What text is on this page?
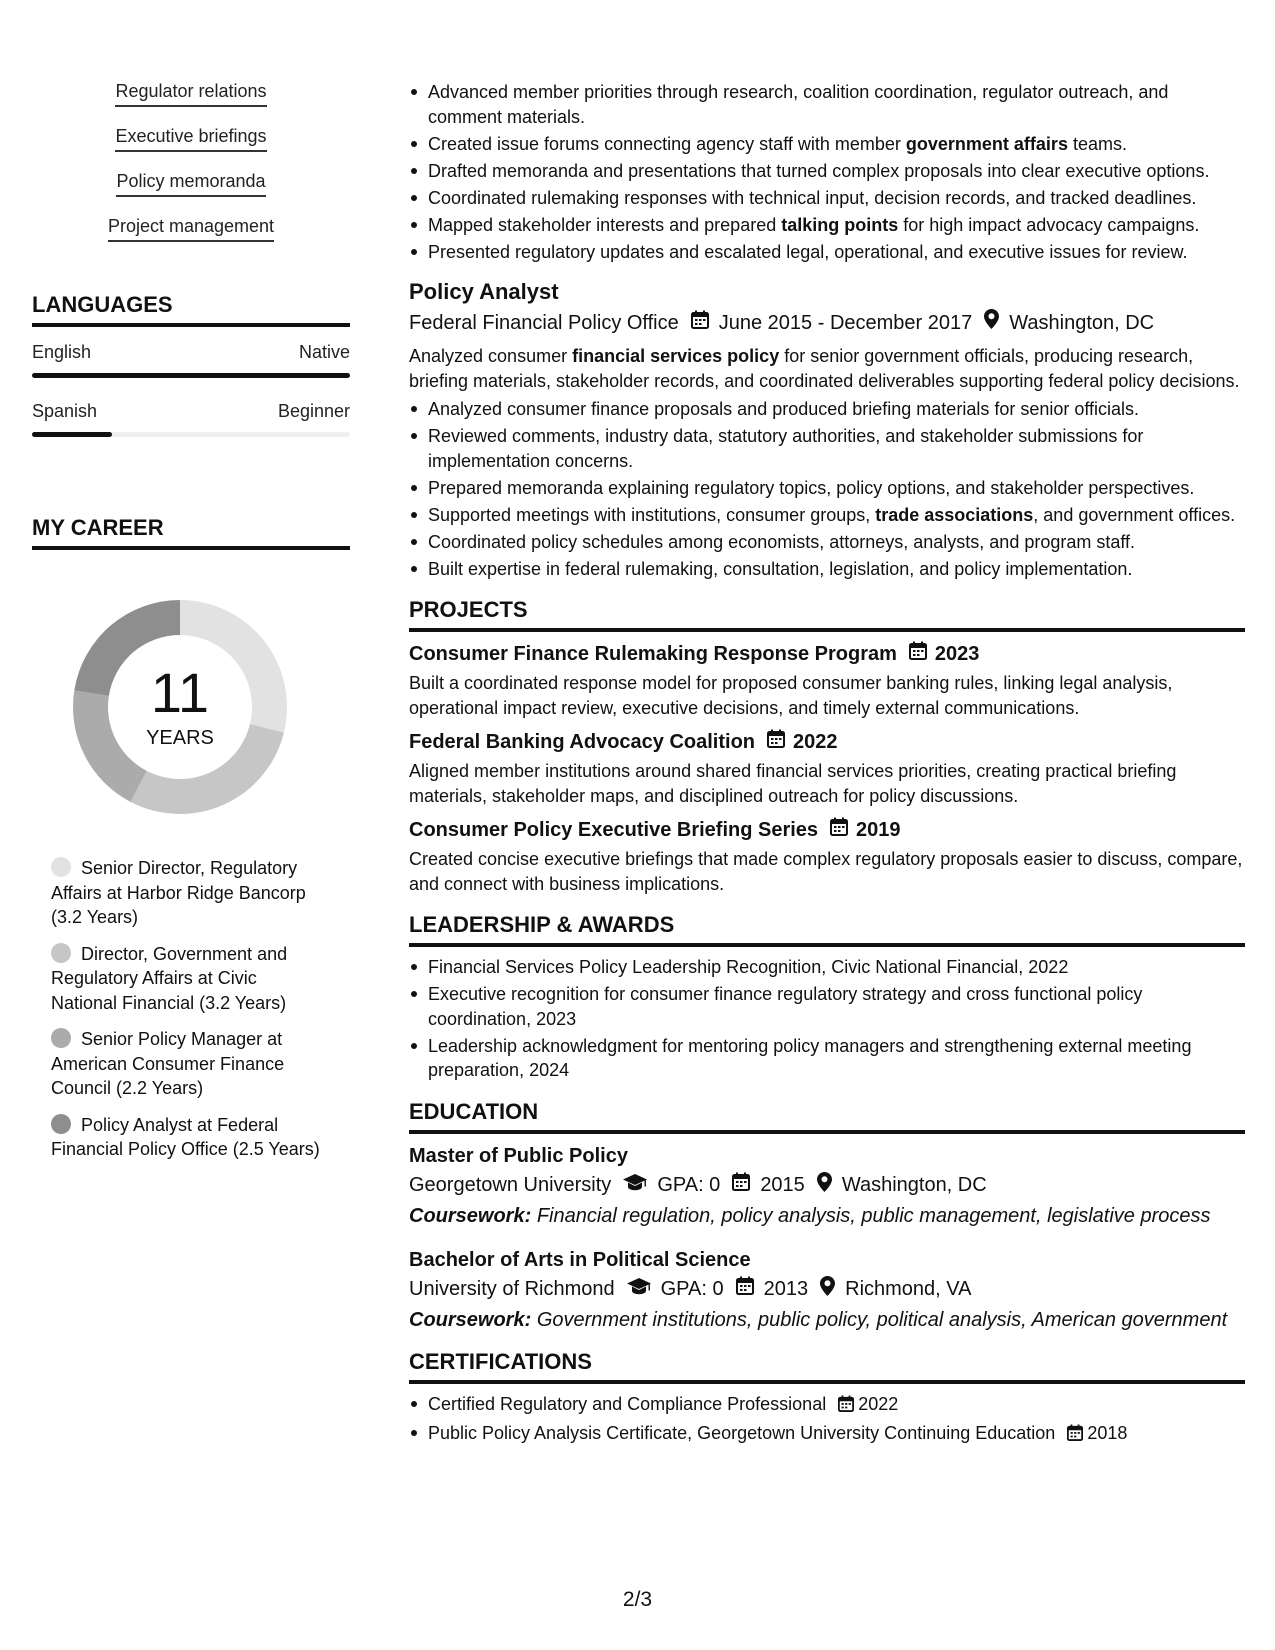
Regulator relations
Executive briefings
Policy memoranda
Project management
LANGUAGES
English	Native
Spanish	Beginner
MY CAREER
11
YEARS
Senior Director, Regulatory Affairs at Harbor Ridge Bancorp (3.2 Years)
Director, Government and Regulatory Affairs at Civic National Financial (3.2 Years)
Senior Policy Manager at American Consumer Finance Council (2.2 Years)
Policy Analyst at Federal Financial Policy Office (2.5 Years)
Advanced member priorities through research, coalition coordination, regulator outreach, and comment materials.
Created issue forums connecting agency staff with member government affairs teams.
Drafted memoranda and presentations that turned complex proposals into clear executive options.
Coordinated rulemaking responses with technical input, decision records, and tracked deadlines.
Mapped stakeholder interests and prepared talking points for high impact advocacy campaigns.
Presented regulatory updates and escalated legal, operational, and executive issues for review.
Policy Analyst
Federal Financial Policy Office June 2015 - December 2017 Washington, DC
Analyzed consumer financial services policy for senior government officials, producing research, briefing materials, stakeholder records, and coordinated deliverables supporting federal policy decisions.
Analyzed consumer finance proposals and produced briefing materials for senior officials.
Reviewed comments, industry data, statutory authorities, and stakeholder submissions for implementation concerns.
Prepared memoranda explaining regulatory topics, policy options, and stakeholder perspectives.
Supported meetings with institutions, consumer groups, trade associations, and government offices.
Coordinated policy schedules among economists, attorneys, analysts, and program staff.
Built expertise in federal rulemaking, consultation, legislation, and policy implementation.
PROJECTS
Consumer Finance Rulemaking Response Program 2023
Built a coordinated response model for proposed consumer banking rules, linking legal analysis, operational impact review, executive decisions, and timely external communications.
Federal Banking Advocacy Coalition 2022
Aligned member institutions around shared financial services priorities, creating practical briefing materials, stakeholder maps, and disciplined outreach for policy discussions.
Consumer Policy Executive Briefing Series 2019
Created concise executive briefings that made complex regulatory proposals easier to discuss, compare, and connect with business implications.
LEADERSHIP & AWARDS
Financial Services Policy Leadership Recognition, Civic National Financial, 2022
Executive recognition for consumer finance regulatory strategy and cross functional policy coordination, 2023
Leadership acknowledgment for mentoring policy managers and strengthening external meeting preparation, 2024
EDUCATION
Master of Public Policy
Georgetown University GPA: 0 2015 Washington, DC
Coursework: Financial regulation, policy analysis, public management, legislative process
Bachelor of Arts in Political Science
University of Richmond GPA: 0 2013 Richmond, VA
Coursework: Government institutions, public policy, political analysis, American government
CERTIFICATIONS
Certified Regulatory and Compliance Professional 2022
Public Policy Analysis Certificate, Georgetown University Continuing Education 2018
2/3
